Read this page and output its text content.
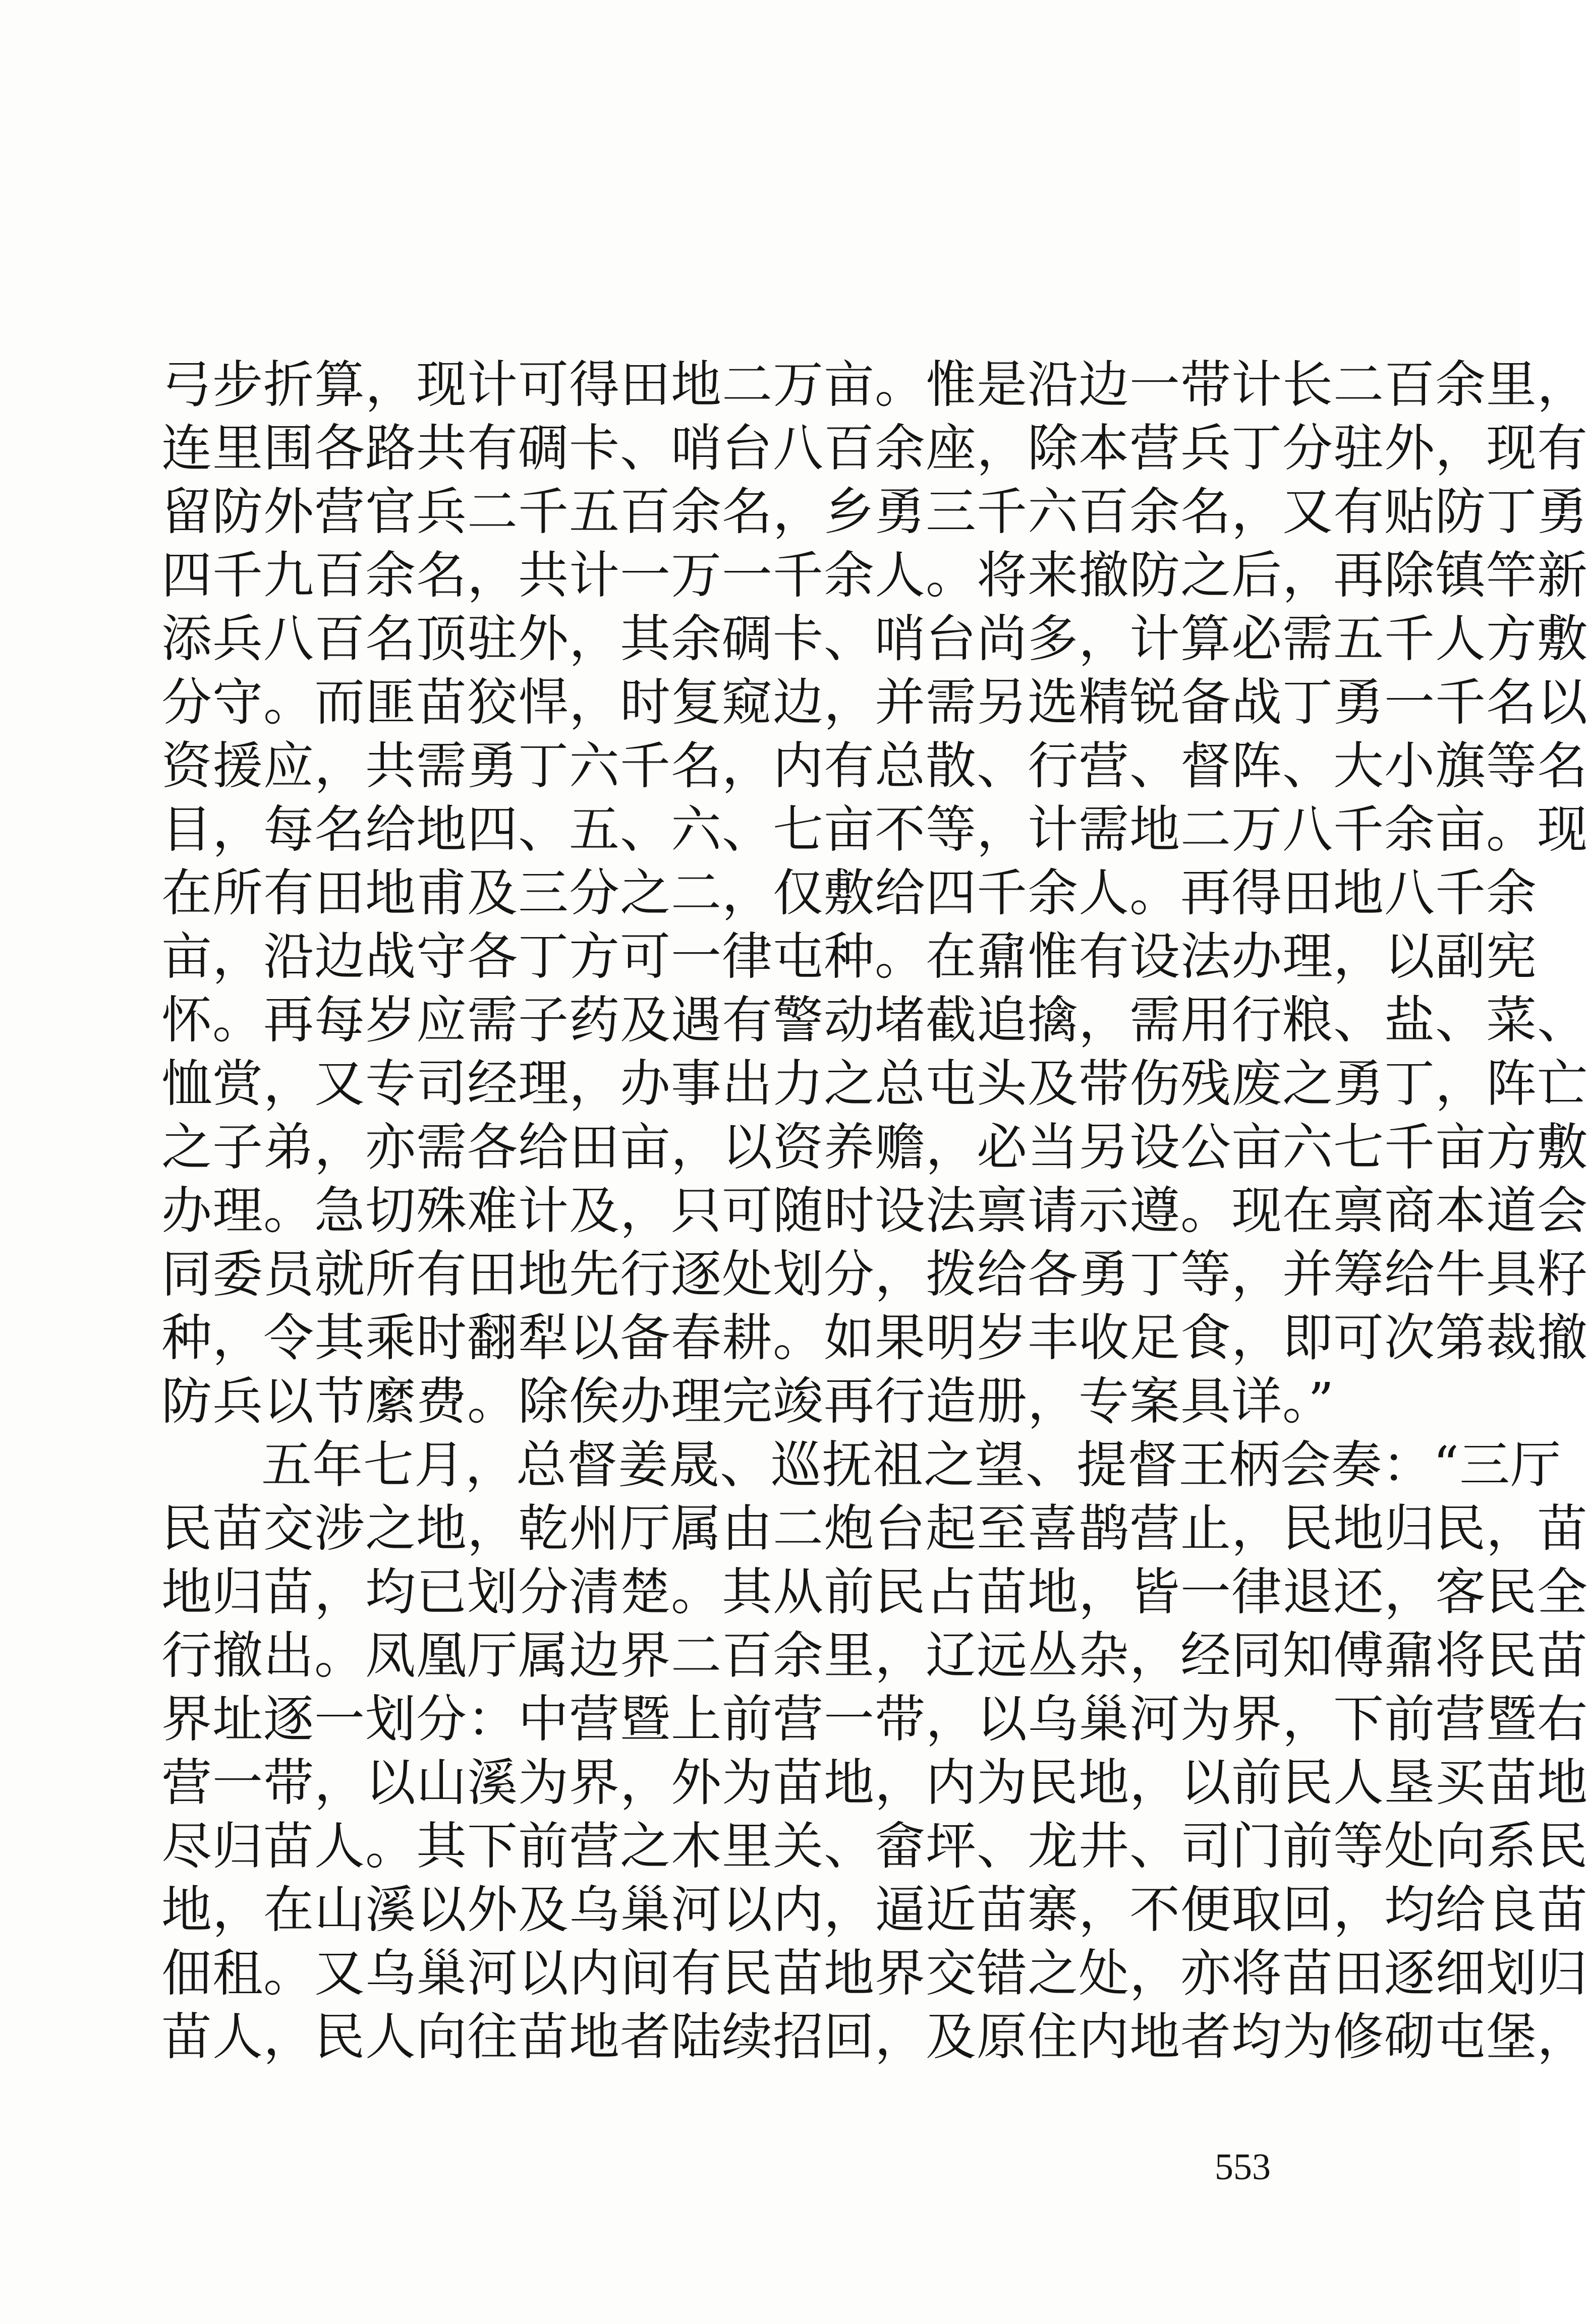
弓步折算，现计可得田地二万亩。惟是沿边一带计长二百余里，
连里围各路共有碉卡、哨台八百余座，除本营兵丁分驻外，现有
留防外营官兵二千五百余名，乡勇三千六百余名，又有贴防丁勇
四千九百余名，共计一万一千余人。将来撤防之后，再除镇竿新
添兵八百名顶驻外，其余碉卡、哨台尚多，计算必需五千人方敷
分守。而匪苗狡悍，时复窥边，并需另选精锐备战丁勇一千名以
资援应，共需勇丁六千名，内有总散、行营、督阵、大小旗等名
目，每名给地四、五、六、七亩不等，计需地二万八千余亩。现
在所有田地甫及三分之二，仅敷给四千余人。再得田地八千余
亩，沿边战守各丁方可一律屯种。在鼐惟有设法办理，以副宪
怀。再每岁应需子药及遇有警动堵截追擒，需用行粮、盐、菜、
恤赏，又专司经理，办事出力之总屯头及带伤残废之勇丁，阵亡
之子弟，亦需各给田亩，以资养赡，必当另设公亩六七千亩方敷
办理。急切殊难计及，只可随时设法禀请示遵。现在禀商本道会
同委员就所有田地先行逐处划分，拨给各勇丁等，并筹给牛具籽
种，令其乘时翻犁以备春耕。如果明岁丰收足食，即可次第裁撤
防兵以节縻费。除俟办理完竣再行造册，专案具详。”
五年七月，总督姜晟、巡抚祖之望、提督王柄会奏：“三厅
民苗交涉之地，乾州厅属由二炮台起至喜鹊营止，民地归民，苗
地归苗，均已划分清楚。其从前民占苗地，皆一律退还，客民全
行撤出。凤凰厅属边界二百余里，辽远丛杂，经同知傅鼐将民苗
界址逐一划分：中营暨上前营一带，以乌巢河为界，下前营暨右
营一带，以山溪为界，外为苗地，内为民地，以前民人垦买苗地
尽归苗人。其下前营之木里关、畲坪、龙井、司门前等处向系民
地，在山溪以外及乌巢河以内，逼近苗寨，不便取回，均给良苗
佃租。又乌巢河以内间有民苗地界交错之处，亦将苗田逐细划归
苗人，民人向往苗地者陆续招回，及原住内地者均为修砌屯堡，
553
